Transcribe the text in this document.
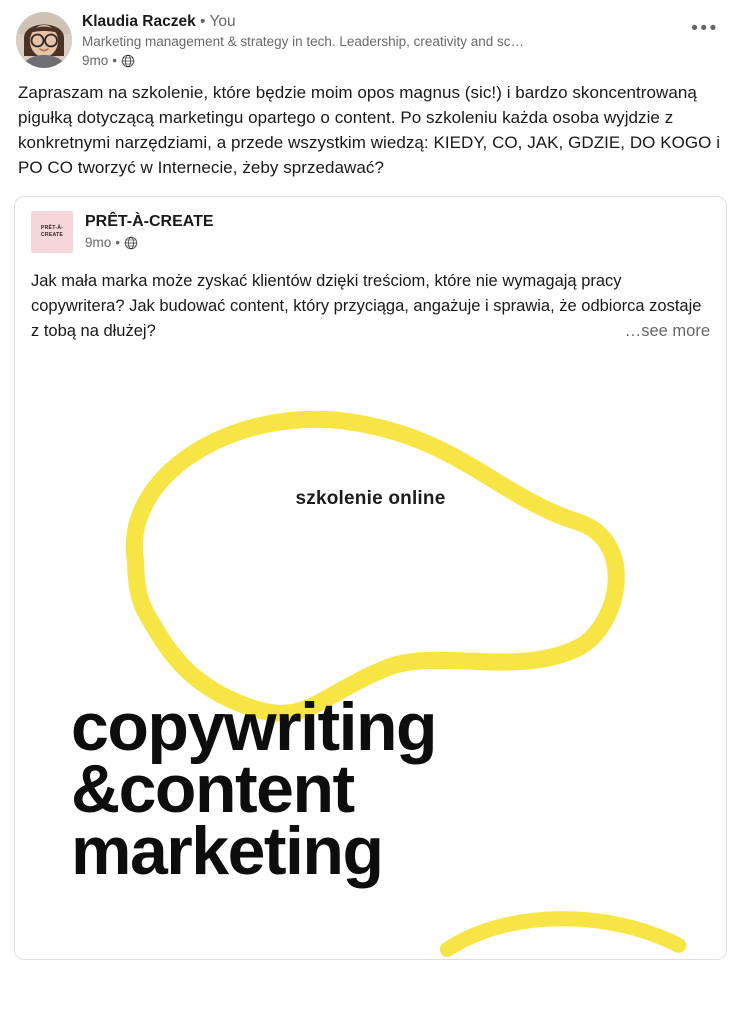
Klaudia Raczek • You
Marketing management & strategy in tech. Leadership, creativity and sc…
9mo •
•••
Zapraszam na szkolenie, które będzie moim opos magnus (sic!) i bardzo skoncentrowaną pigułką dotyczącą marketingu opartego o content. Po szkoleniu każda osoba wyjdzie z konkretnymi narzędziami, a przede wszystkim wiedzą: KIEDY, CO, JAK, GDZIE, DO KOGO i PO CO tworzyć w Internecie, żeby sprzedawać?
PRÊT-À-CREATE
PRÊT-À-CREATE
9mo •
Jak mała marka może zyskać klientów dzięki treściom, które nie wymagają pracy copywritera? Jak budować content, który przyciąga, angażuje i sprawia, że odbiorca zostaje z tobą na dłużej?	…see more
szkolenie online
copywriting
&content
marketing
